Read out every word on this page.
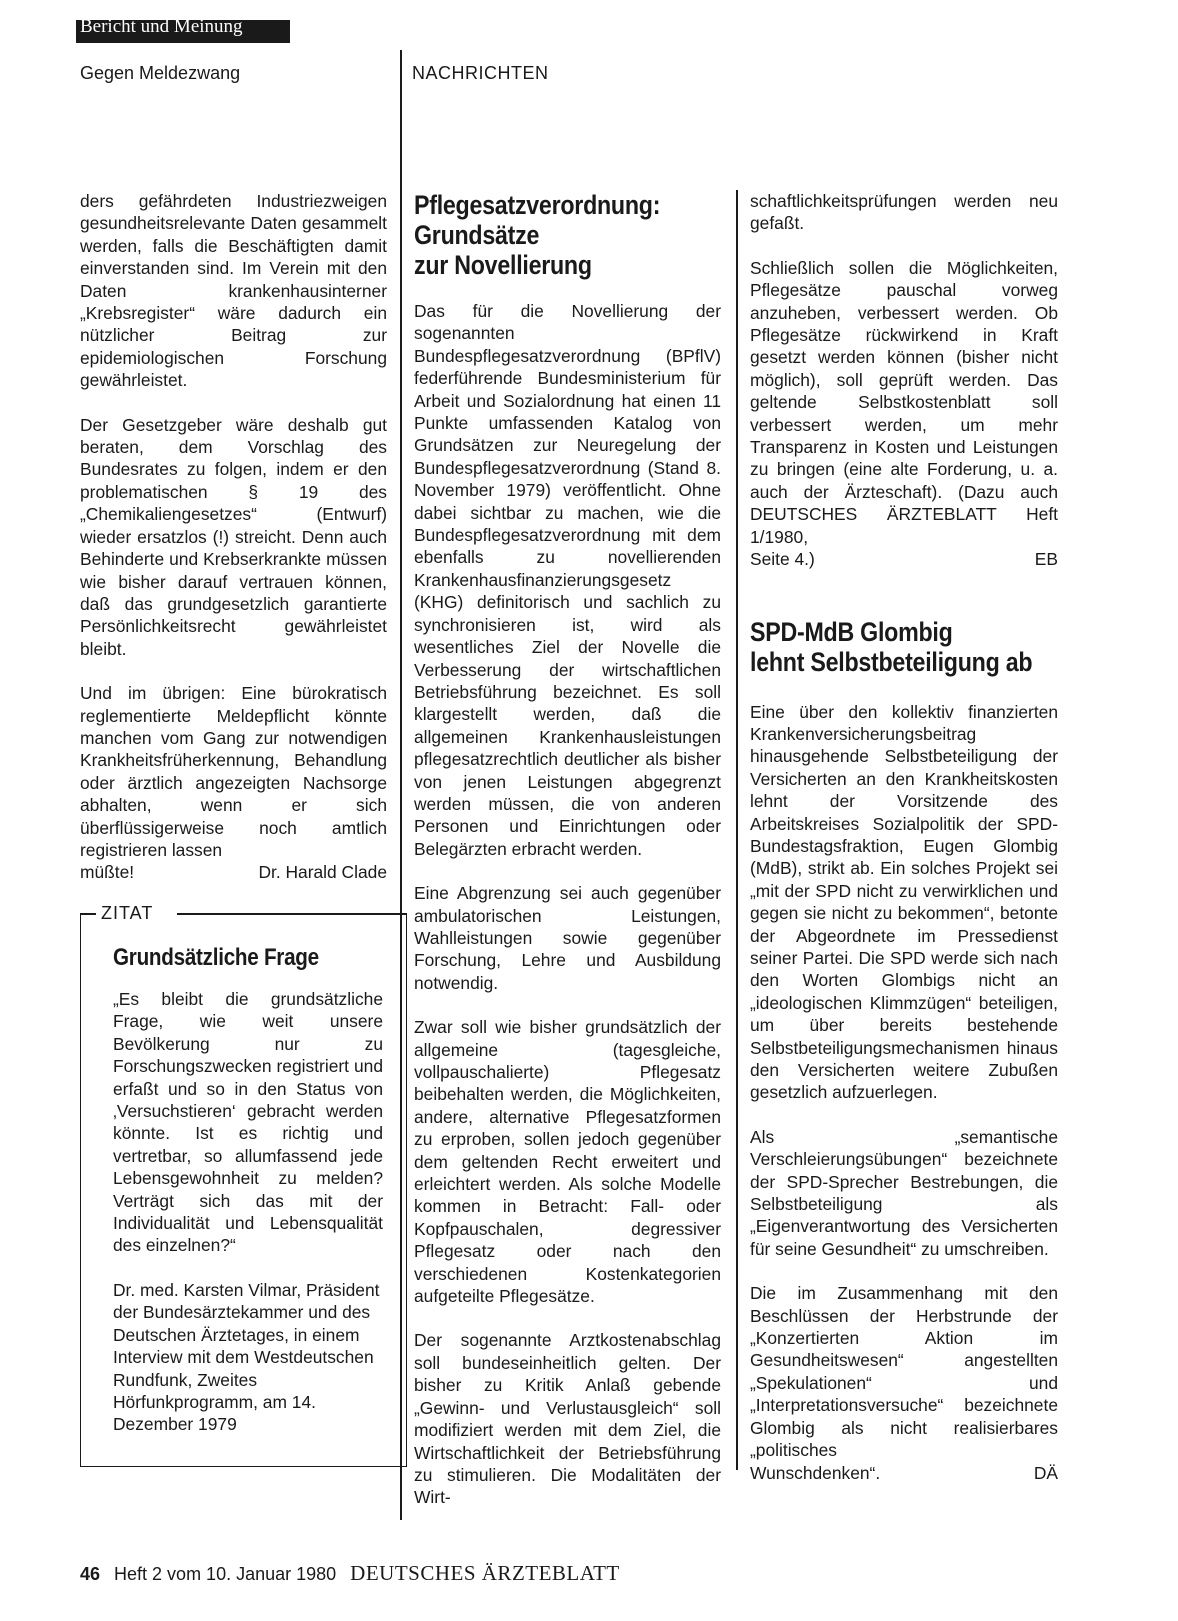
Bericht und Meinung
Gegen Meldezwang	NACHRICHTEN

ders gefährdeten Industriezweigen gesundheitsrelevante Daten gesammelt werden, falls die Beschäftigten damit einverstanden sind. Im Verein mit den Daten krankenhausinterner „Krebsregister“ wäre dadurch ein nützlicher Beitrag zur epidemiologischen Forschung gewährleistet.

Der Gesetzgeber wäre deshalb gut beraten, dem Vorschlag des Bundesrates zu folgen, indem er den problematischen § 19 des „Chemikaliengesetzes“ (Entwurf) wieder ersatzlos (!) streicht. Denn auch Behinderte und Krebserkrankte müssen wie bisher darauf vertrauen können, daß das grundgesetzlich garantierte Persönlichkeitsrecht gewährleistet bleibt.

Und im übrigen: Eine bürokratisch reglementierte Meldepflicht könnte manchen vom Gang zur notwendigen Krankheitsfrüherkennung, Behandlung oder ärztlich angezeigten Nachsorge abhalten, wenn er sich überflüssigerweise noch amtlich registrieren lassen

müßte!	Dr. Harald Clade
ZITAT
Grundsätzliche Frage

„Es bleibt die grundsätzliche Frage, wie weit unsere Bevölkerung nur zu Forschungszwecken registriert und erfaßt und so in den Status von ‚Versuchstieren‘ gebracht werden könnte. Ist es richtig und vertretbar, so allumfassend jede Lebensgewohnheit zu melden? Verträgt sich das mit der Individualität und Lebensqualität des einzelnen?“

Dr. med. Karsten Vilmar, Präsident der Bundesärztekammer und des Deutschen Ärztetages, in einem Interview mit dem Westdeutschen Rundfunk, Zweites Hörfunkprogramm, am 14. Dezember 1979

Pflegesatzverordnung:
Grundsätze
zur Novellierung

Das für die Novellierung der sogenannten Bundespflegesatzverordnung (BPflV) federführende Bundesministerium für Arbeit und Sozialordnung hat einen 11 Punkte umfassenden Katalog von Grundsätzen zur Neuregelung der Bundespflegesatzverordnung (Stand 8. November 1979) veröffentlicht. Ohne dabei sichtbar zu machen, wie die Bundespflegesatzverordnung mit dem ebenfalls zu novellierenden Krankenhausfinanzierungsgesetz (KHG) definitorisch und sachlich zu synchronisieren ist, wird als wesentliches Ziel der Novelle die Verbesserung der wirtschaftlichen Betriebsführung bezeichnet. Es soll klargestellt werden, daß die allgemeinen Krankenhausleistungen pflegesatzrechtlich deutlicher als bisher von jenen Leistungen abgegrenzt werden müssen, die von anderen Personen und Einrichtungen oder Belegärzten erbracht werden.

Eine Abgrenzung sei auch gegenüber ambulatorischen Leistungen, Wahlleistungen sowie gegenüber Forschung, Lehre und Ausbildung notwendig.

Zwar soll wie bisher grundsätzlich der allgemeine (tagesgleiche, vollpauschalierte) Pflegesatz beibehalten werden, die Möglichkeiten, andere, alternative Pflegesatzformen zu erproben, sollen jedoch gegenüber dem geltenden Recht erweitert und erleichtert werden. Als solche Modelle kommen in Betracht: Fall- oder Kopfpauschalen, degressiver Pflegesatz oder nach den verschiedenen Kostenkategorien aufgeteilte Pflegesätze.

Der sogenannte Arztkostenabschlag soll bundeseinheitlich gelten. Der bisher zu Kritik Anlaß gebende „Gewinn- und Verlustausgleich“ soll modifiziert werden mit dem Ziel, die Wirtschaftlichkeit der Betriebsführung zu stimulieren. Die Modalitäten der Wirt-

schaftlichkeitsprüfungen werden neu gefaßt.

Schließlich sollen die Möglichkeiten, Pflegesätze pauschal vorweg anzuheben, verbessert werden. Ob Pflegesätze rückwirkend in Kraft gesetzt werden können (bisher nicht möglich), soll geprüft werden. Das geltende Selbstkostenblatt soll verbessert werden, um mehr Transparenz in Kosten und Leistungen zu bringen (eine alte Forderung, u. a. auch der Ärzteschaft). (Dazu auch DEUTSCHES ÄRZTEBLATT Heft 1/1980,

Seite 4.)	EB
SPD-MdB Glombig
lehnt Selbstbeteiligung ab

Eine über den kollektiv finanzierten Krankenversicherungsbeitrag hinausgehende Selbstbeteiligung der Versicherten an den Krankheitskosten lehnt der Vorsitzende des Arbeitskreises Sozialpolitik der SPD-Bundestagsfraktion, Eugen Glombig (MdB), strikt ab. Ein solches Projekt sei „mit der SPD nicht zu verwirklichen und gegen sie nicht zu bekommen“, betonte der Abgeordnete im Pressedienst seiner Partei. Die SPD werde sich nach den Worten Glombigs nicht an „ideologischen Klimmzügen“ beteiligen, um über bereits bestehende Selbstbeteiligungsmechanismen hinaus den Versicherten weitere Zubußen gesetzlich aufzuerlegen.

Als „semantische Verschleierungsübungen“ bezeichnete der SPD-Sprecher Bestrebungen, die Selbstbeteiligung als „Eigenverantwortung des Versicherten für seine Gesundheit“ zu umschreiben.

Die im Zusammenhang mit den Beschlüssen der Herbstrunde der „Konzertierten Aktion im Gesundheitswesen“ angestellten „Spekulationen“ und „Interpretationsversuche“ bezeichnete Glombig als nicht realisierbares „politisches

Wunschdenken“.	DÄ
46 Heft 2 vom 10. Januar 1980 DEUTSCHES ÄRZTEBLATT
